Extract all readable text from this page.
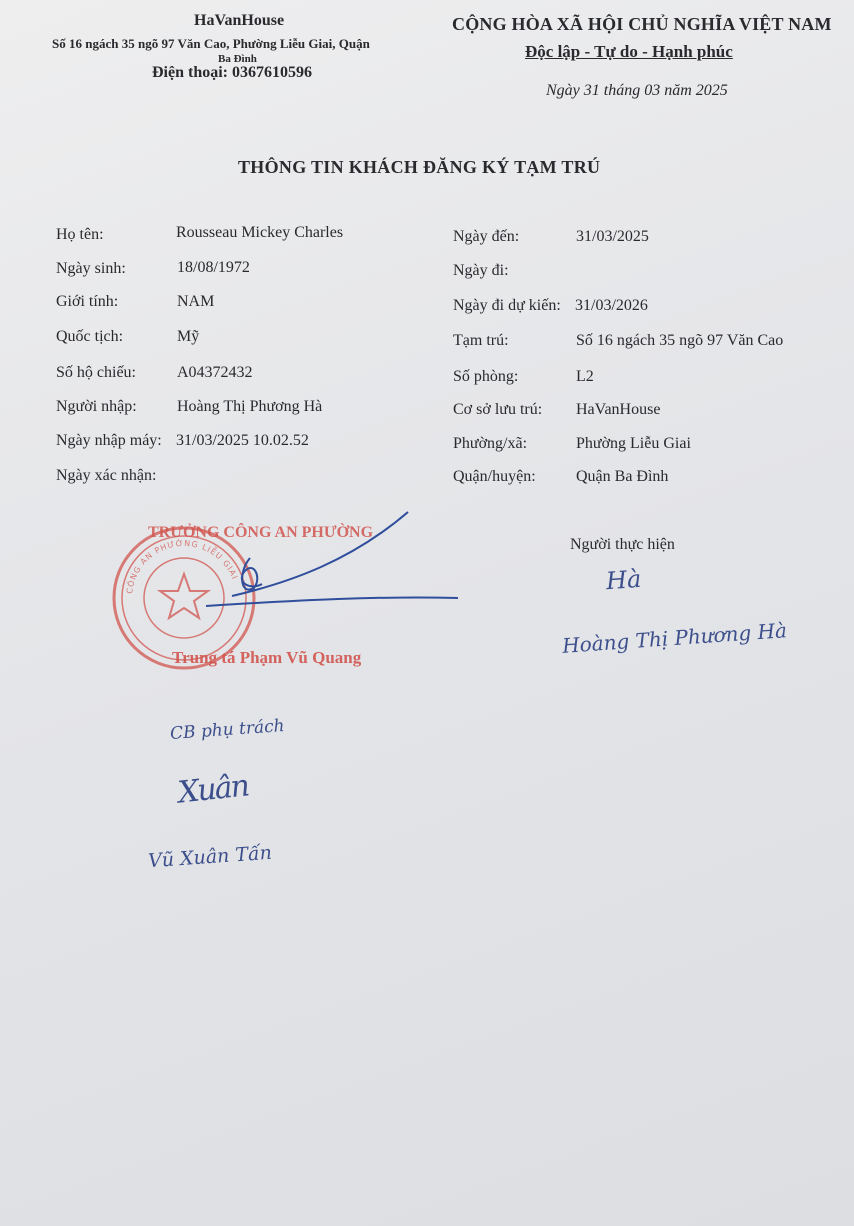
HaVanHouse
Số 16 ngách 35 ngõ 97 Văn Cao, Phường Liễu Giai, Quận
Ba Đình
Điện thoại: 0367610596
CỘNG HÒA XÃ HỘI CHỦ NGHĨA VIỆT NAM
Độc lập - Tự do - Hạnh phúc
Ngày 31 tháng 03 năm 2025
THÔNG TIN KHÁCH ĐĂNG KÝ TẠM TRÚ
Họ tên:	Rousseau Mickey Charles
Ngày sinh:	18/08/1972
Giới tính:	NAM
Quốc tịch:	Mỹ
Số hộ chiếu:	A04372432
Người nhập:	Hoàng Thị Phương Hà
Ngày nhập máy: 31/03/2025 10.02.52
Ngày xác nhận:
Ngày đến:	31/03/2025
Ngày đi:
Ngày đi dự kiến: 31/03/2026
Tạm trú:	Số 16 ngách 35 ngõ 97 Văn Cao
Số phòng:	L2
Cơ sở lưu trú: HaVanHouse
Phường/xã:	Phường Liễu Giai
Quận/huyện:	Quận Ba Đình
TRƯỞNG CÔNG AN PHƯỜNG
CÔNG AN PHƯỜNG LIỄU GIAI
Trung tá Phạm Vũ Quang
Người thực hiện
Hà
Hoàng Thị Phương Hà
CB phụ trách
Xuân
Vũ Xuân Tấn
